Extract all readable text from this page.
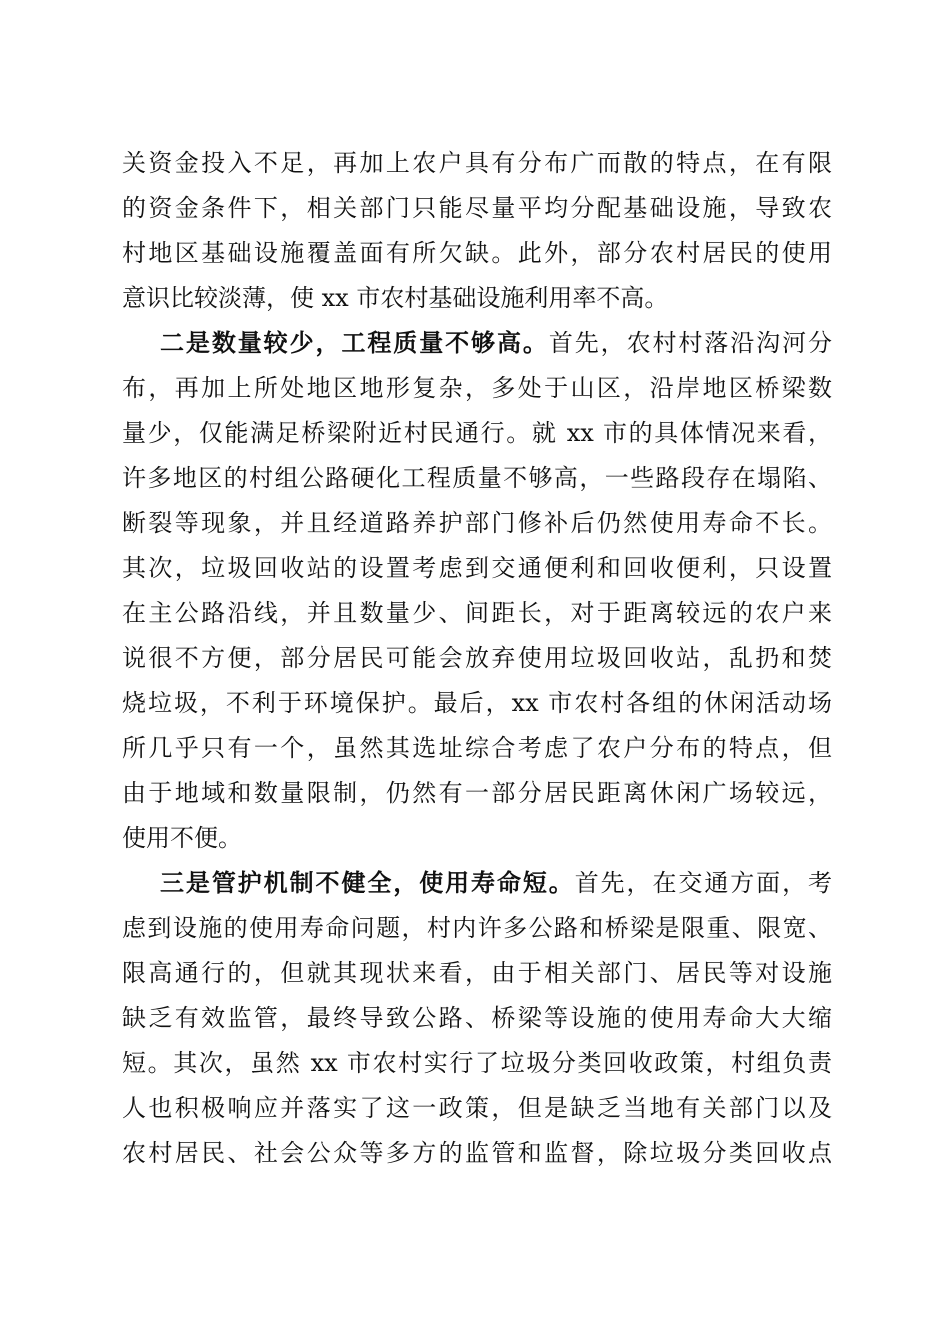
关资金投入不足，再加上农户具有分布广而散的特点，在有限
的资金条件下，相关部门只能尽量平均分配基础设施，导致农
村地区基础设施覆盖面有所欠缺。此外，部分农村居民的使用
意识比较淡薄，使 xx 市农村基础设施利用率不高。
二是数量较少，工程质量不够高。首先，农村村落沿沟河分
布，再加上所处地区地形复杂，多处于山区，沿岸地区桥梁数
量少，仅能满足桥梁附近村民通行。就 xx 市的具体情况来看，
许多地区的村组公路硬化工程质量不够高，一些路段存在塌陷、
断裂等现象，并且经道路养护部门修补后仍然使用寿命不长。
其次，垃圾回收站的设置考虑到交通便利和回收便利，只设置
在主公路沿线，并且数量少、间距长，对于距离较远的农户来
说很不方便，部分居民可能会放弃使用垃圾回收站，乱扔和焚
烧垃圾，不利于环境保护。最后，xx 市农村各组的休闲活动场
所几乎只有一个，虽然其选址综合考虑了农户分布的特点，但
由于地域和数量限制，仍然有一部分居民距离休闲广场较远，
使用不便。
三是管护机制不健全，使用寿命短。首先，在交通方面，考
虑到设施的使用寿命问题，村内许多公路和桥梁是限重、限宽、
限高通行的，但就其现状来看，由于相关部门、居民等对设施
缺乏有效监管，最终导致公路、桥梁等设施的使用寿命大大缩
短。其次，虽然 xx 市农村实行了垃圾分类回收政策，村组负责
人也积极响应并落实了这一政策，但是缺乏当地有关部门以及
农村居民、社会公众等多方的监管和监督，除垃圾分类回收点
